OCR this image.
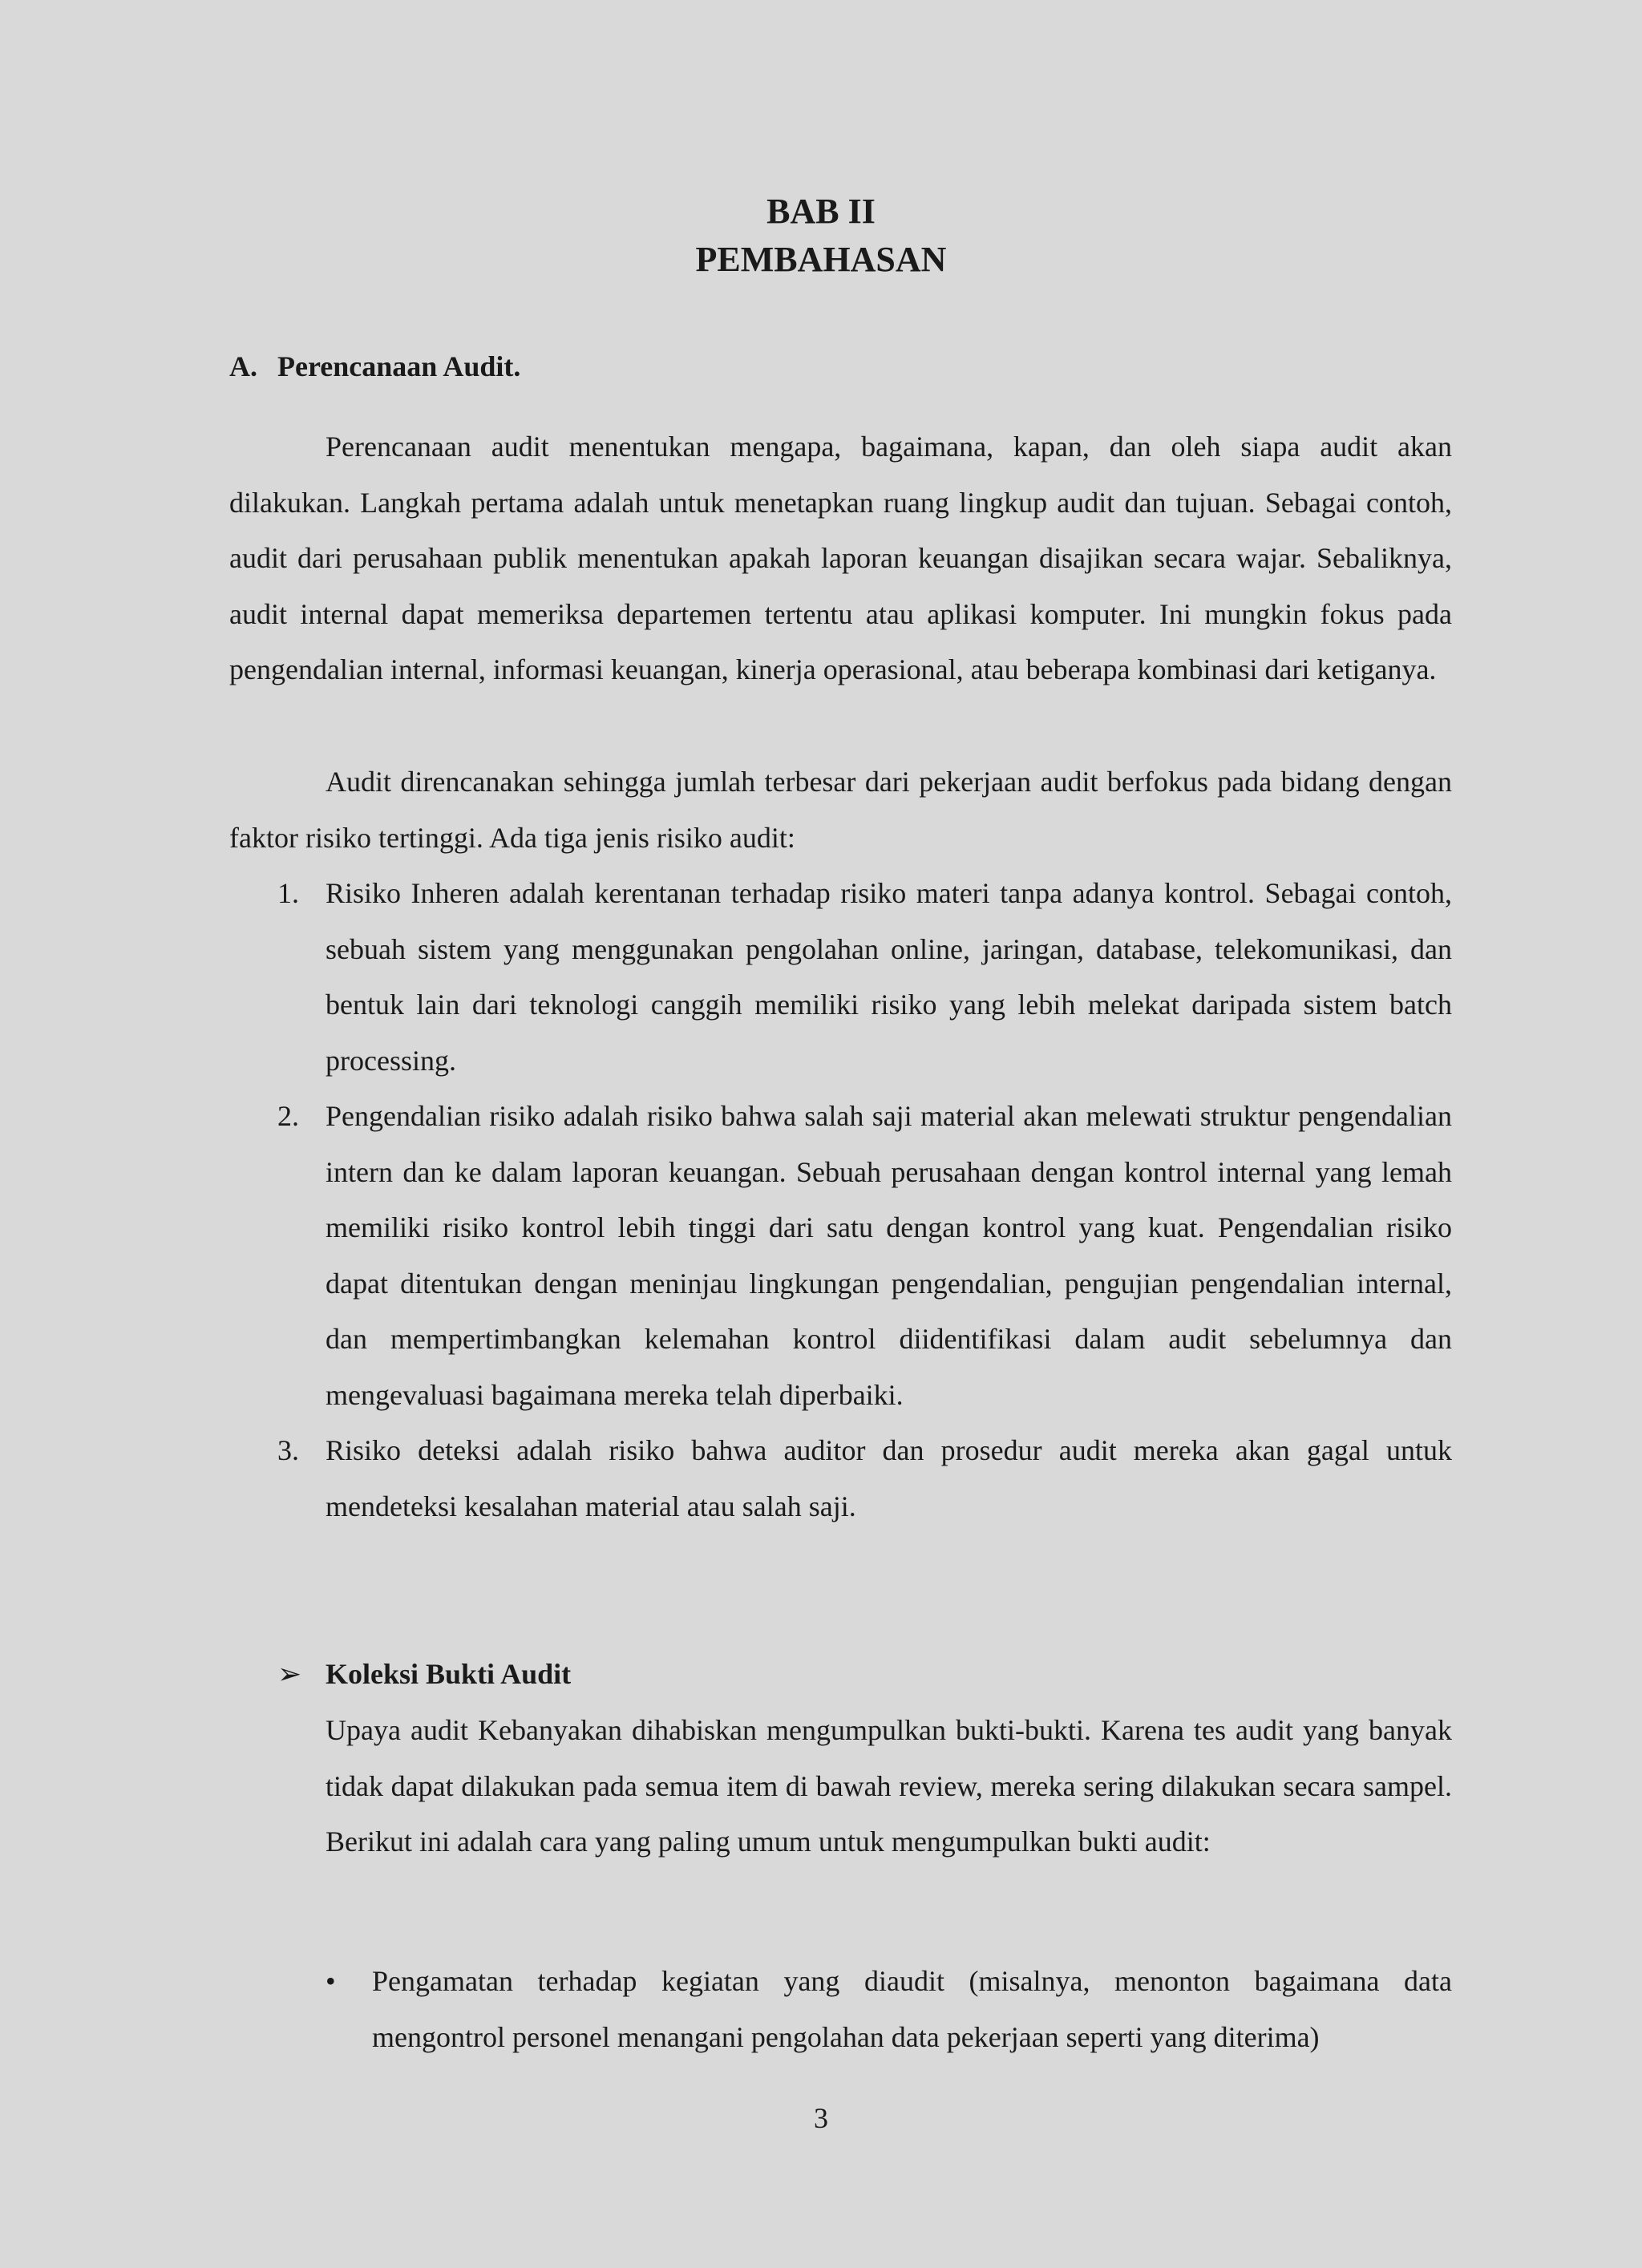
BAB II
PEMBAHASAN
A. Perencanaan Audit.
Perencanaan audit menentukan mengapa, bagaimana, kapan, dan oleh siapa audit akan dilakukan. Langkah pertama adalah untuk menetapkan ruang lingkup audit dan tujuan. Sebagai contoh, audit dari perusahaan publik menentukan apakah laporan keuangan disajikan secara wajar. Sebaliknya, audit internal dapat memeriksa departemen tertentu atau aplikasi komputer. Ini mungkin fokus pada pengendalian internal, informasi keuangan, kinerja operasional, atau beberapa kombinasi dari ketiganya.
Audit direncanakan sehingga jumlah terbesar dari pekerjaan audit berfokus pada bidang dengan faktor risiko tertinggi. Ada tiga jenis risiko audit:
1. Risiko Inheren adalah kerentanan terhadap risiko materi tanpa adanya kontrol. Sebagai contoh, sebuah sistem yang menggunakan pengolahan online, jaringan, database, telekomunikasi, dan bentuk lain dari teknologi canggih memiliki risiko yang lebih melekat daripada sistem batch processing.
2. Pengendalian risiko adalah risiko bahwa salah saji material akan melewati struktur pengendalian intern dan ke dalam laporan keuangan. Sebuah perusahaan dengan kontrol internal yang lemah memiliki risiko kontrol lebih tinggi dari satu dengan kontrol yang kuat. Pengendalian risiko dapat ditentukan dengan meninjau lingkungan pengendalian, pengujian pengendalian internal, dan mempertimbangkan kelemahan kontrol diidentifikasi dalam audit sebelumnya dan mengevaluasi bagaimana mereka telah diperbaiki.
3. Risiko deteksi adalah risiko bahwa auditor dan prosedur audit mereka akan gagal untuk mendeteksi kesalahan material atau salah saji.
➢ Koleksi Bukti Audit
Upaya audit Kebanyakan dihabiskan mengumpulkan bukti-bukti. Karena tes audit yang banyak tidak dapat dilakukan pada semua item di bawah review, mereka sering dilakukan secara sampel. Berikut ini adalah cara yang paling umum untuk mengumpulkan bukti audit:
• Pengamatan terhadap kegiatan yang diaudit (misalnya, menonton bagaimana data mengontrol personel menangani pengolahan data pekerjaan seperti yang diterima)
3
